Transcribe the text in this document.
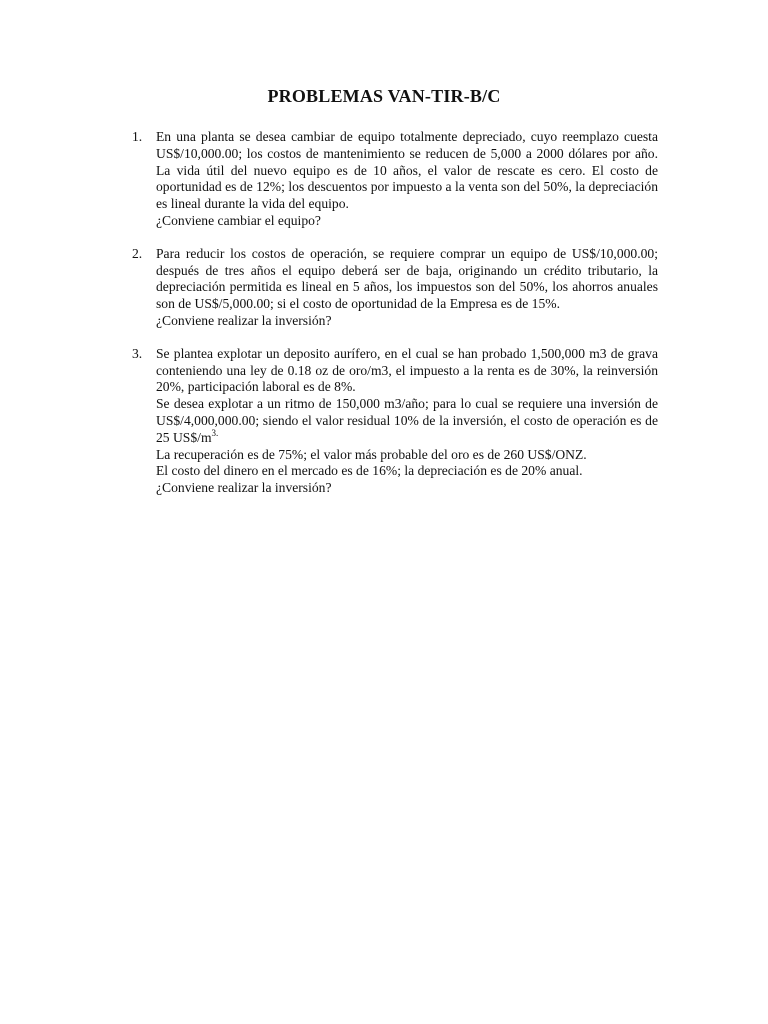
PROBLEMAS VAN-TIR-B/C
1. En una planta se desea cambiar de equipo totalmente depreciado, cuyo reemplazo cuesta US$/10,000.00; los costos de mantenimiento se reducen de 5,000 a 2000 dólares por año. La vida útil del nuevo equipo es de 10 años, el valor de rescate es cero. El costo de oportunidad es de 12%; los descuentos por impuesto a la venta son del 50%, la depreciación es lineal durante la vida del equipo.

¿Conviene cambiar el equipo?

2. Para reducir los costos de operación, se requiere comprar un equipo de US$/10,000.00; después de tres años el equipo deberá ser de baja, originando un crédito tributario, la depreciación permitida es lineal en 5 años, los impuestos son del 50%, los ahorros anuales son de US$/5,000.00; si el costo de oportunidad de la Empresa es de 15%.

¿Conviene realizar la inversión?

3. Se plantea explotar un deposito aurífero, en el cual se han probado 1,500,000 m3 de grava conteniendo una ley de 0.18 oz de oro/m3, el impuesto a la renta es de 30%, la reinversión 20%, participación laboral es de 8%.

Se desea explotar a un ritmo de 150,000 m3/año; para lo cual se requiere una inversión de US$/4,000,000.00; siendo el valor residual 10% de la inversión, el costo de operación es de 25 $US\$/m^{3.}$

La recuperación es de 75%; el valor más probable del oro es de 260 US$/ONZ.

El costo del dinero en el mercado es de 16%; la depreciación es de 20% anual.

¿Conviene realizar la inversión?
